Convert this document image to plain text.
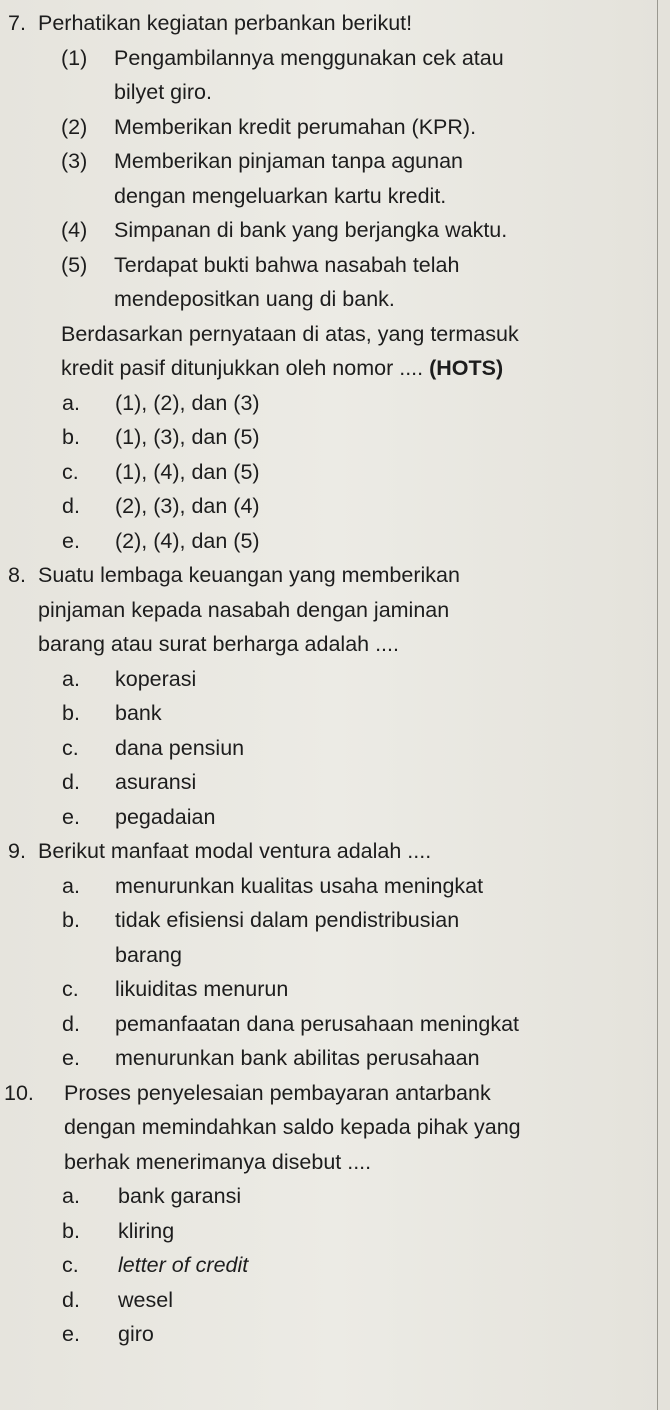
7. Perhatikan kegiatan perbankan berikut!
(1) Pengambilannya menggunakan cek atau
bilyet giro.
(2) Memberikan kredit perumahan (KPR).
(3) Memberikan pinjaman tanpa agunan
dengan mengeluarkan kartu kredit.
(4) Simpanan di bank yang berjangka waktu.
(5) Terdapat bukti bahwa nasabah telah
mendepositkan uang di bank.
Berdasarkan pernyataan di atas, yang termasuk
kredit pasif ditunjukkan oleh nomor .... (HOTS)
a. (1), (2), dan (3)
b. (1), (3), dan (5)
c. (1), (4), dan (5)
d. (2), (3), dan (4)
e. (2), (4), dan (5)
8. Suatu lembaga keuangan yang memberikan
pinjaman kepada nasabah dengan jaminan
barang atau surat berharga adalah ....
a. koperasi
b. bank
c. dana pensiun
d. asuransi
e. pegadaian
9. Berikut manfaat modal ventura adalah ....
a. menurunkan kualitas usaha meningkat
b. tidak efisiensi dalam pendistribusian
barang
c. likuiditas menurun
d. pemanfaatan dana perusahaan meningkat
e. menurunkan bank abilitas perusahaan
10. Proses penyelesaian pembayaran antarbank
dengan memindahkan saldo kepada pihak yang
berhak menerimanya disebut ....
a. bank garansi
b. kliring
c. letter of credit
d. wesel
e. giro
